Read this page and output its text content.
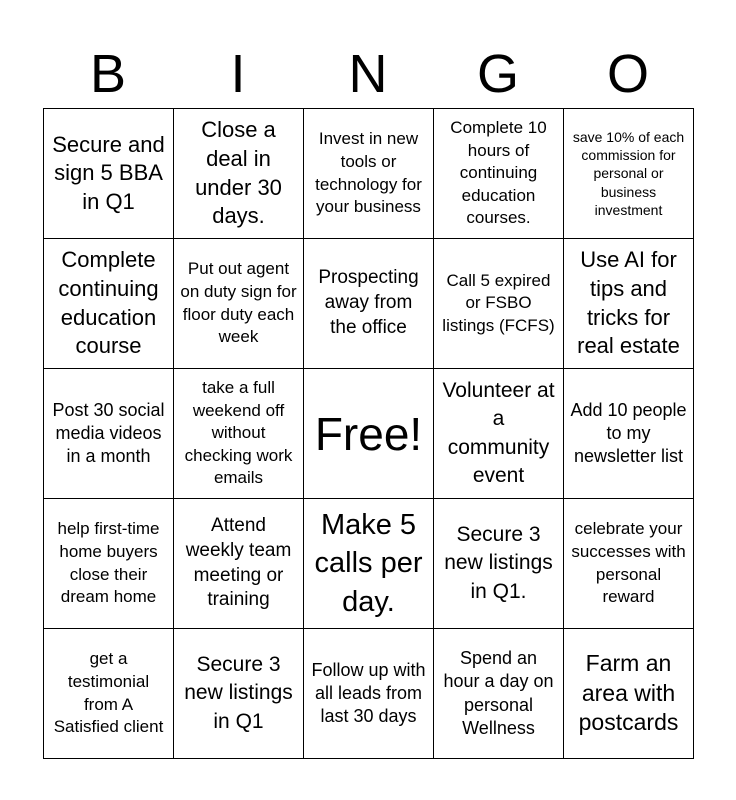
B	I	N	G	O
Secure and sign 5 BBA in Q1
Close a deal in under 30 days.
Invest in new tools or technology for your business
Complete 10 hours of continuing education courses.
save 10% of each commission for personal or business investment
Complete continuing education course
Put out agent on duty sign for floor duty each week
Prospecting away from the office
Call 5 expired or FSBO listings (FCFS)
Use AI for tips and tricks for real estate
Post 30 social media videos in a month
take a full weekend off without checking work emails
Free!
Volunteer at a community event
Add 10 people to my newsletter list
help first-time home buyers close their dream home
Attend weekly team meeting or training
Make 5 calls per day.
Secure 3 new listings in Q1.
celebrate your successes with personal reward
get a testimonial from A Satisfied client
Secure 3 new listings in Q1
Follow up with all leads from last 30 days
Spend an hour a day on personal Wellness
Farm an area with postcards
